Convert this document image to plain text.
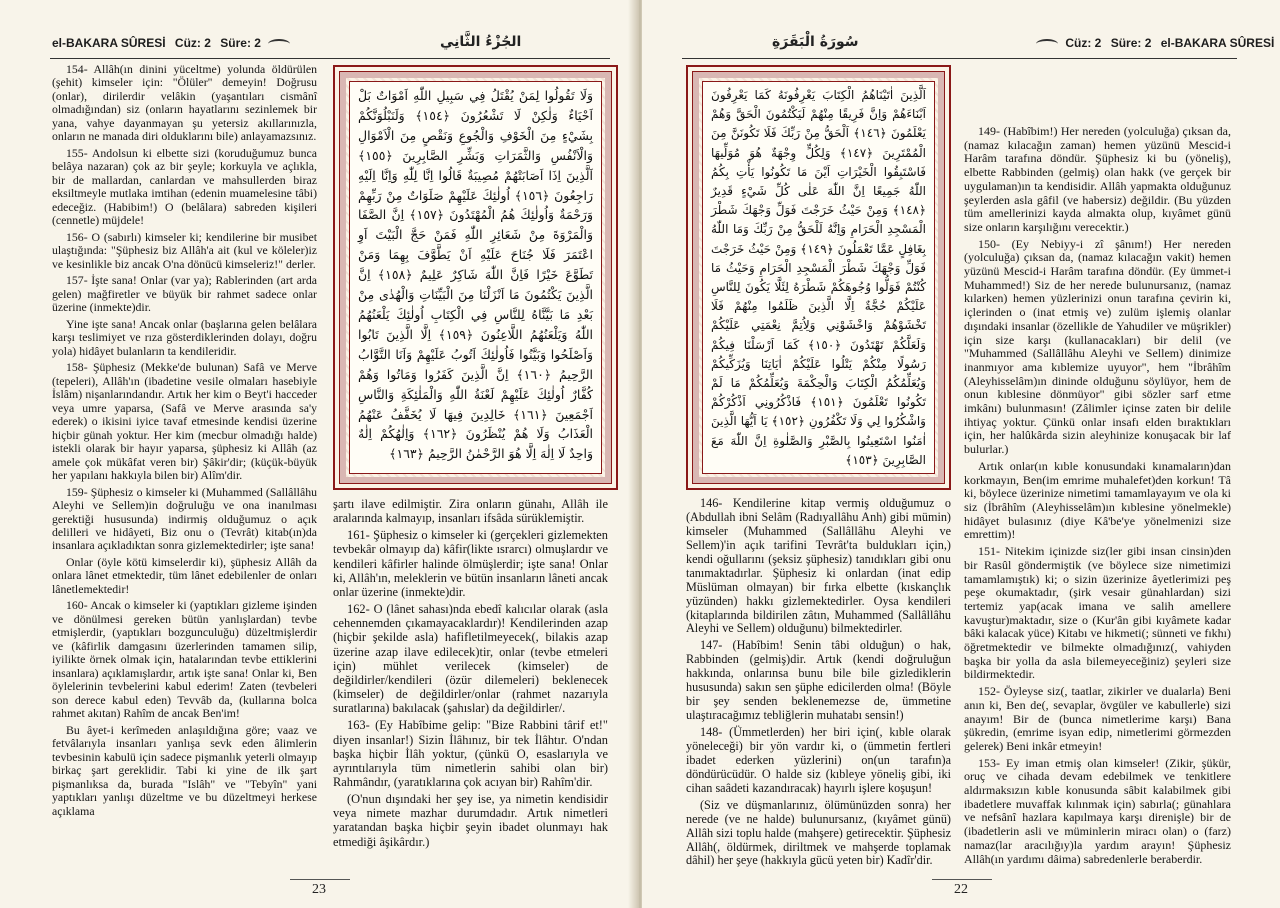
el-BAKARA SÛRESİ Cüz: 2 Süre: 2	الجُزْءُ الثَّانِي

154- Allâh(ın dinini yüceltme) yolunda öldürülen (şehit) kimseler için: "Ölüler" demeyin! Doğrusu (onlar), dirilerdir velâkin (yaşantıları cismânî olmadığından) siz (onların hayatlarını sezinlemek bir yana, vahye dayanmayan şu yetersiz akıllarınızla, onların ne manada diri olduklarını bile) anlayamazsınız.

155- Andolsun ki elbette sizi (koruduğumuz bunca belâya nazaran) çok az bir şeyle; korkuyla ve açlıkla, bir de mallardan, canlardan ve mahsullerden biraz eksiltmeyle mutlaka imtihan (edenin muamelesine tâbi) edeceğiz. (Habibim!) O (belâlara) sabreden kişileri (cennetle) müjdele!

156- O (sabırlı) kimseler ki; kendilerine bir musibet ulaştığında: "Şüphesiz biz Allâh'a ait (kul ve köleler)iz ve kesinlikle biz ancak O'na dönücü kimseleriz!" derler.

157- İşte sana! Onlar (var ya); Rablerinden (art arda gelen) mağfiretler ve büyük bir rahmet sadece onlar üzerine (inmekte)dir.

Yine işte sana! Ancak onlar (başlarına gelen belâlara karşı teslimiyet ve rıza gösterdiklerinden dolayı, doğru yola) hidâyet bulanların ta kendileridir.

158- Şüphesiz (Mekke'de bulunan) Safâ ve Merve (tepeleri), Allâh'ın (ibadetine vesile olmaları hasebiyle İslâm) nişanlarındandır. Artık her kim o Beyt'i hacceder veya umre yaparsa, (Safâ ve Merve arasında sa'y ederek) o ikisini iyice tavaf etmesinde kendisi üzerine hiçbir günah yoktur. Her kim (mecbur olmadığı halde) istekli olarak bir hayır yaparsa, şüphesiz ki Allâh (az amele çok mükâfat veren bir) Şâkir'dir; (küçük-büyük her yapılanı hakkıyla bilen bir) Alîm'dir.

159- Şüphesiz o kimseler ki (Muhammed (Sallâllâhu Aleyhi ve Sellem)in doğruluğu ve ona inanılması gerektiği hususunda) indirmiş olduğumuz o açık delilleri ve hidâyeti, Biz onu o (Tevrât) kitab(ın)da insanlara açıkladıktan sonra gizlemektedirler; işte sana!

Onlar (öyle kötü kimselerdir ki), şüphesiz Allâh da onlara lânet etmektedir, tüm lânet edebilenler de onları lânetlemektedir!

160- Ancak o kimseler ki (yaptıkları gizleme işinden ve dönülmesi gereken bütün yanlışlardan) tevbe etmişlerdir, (yaptıkları bozgunculuğu) düzeltmişlerdir ve (kâfirlik damgasını üzerlerinden tamamen silip, iyilikte örnek olmak için, hatalarından tevbe ettiklerini insanlara) açıklamışlardır, artık işte sana! Onlar ki, Ben öylelerinin tevbelerini kabul ederim! Zaten (tevbeleri son derece kabul eden) Tevvâb da, (kullarına bolca rahmet akıtan) Rahîm de ancak Ben'im!

Bu âyet-i kerîmeden anlaşıldığına göre; vaaz ve fetvâlarıyla insanları yanlışa sevk eden âlimlerin tevbesinin kabulü için sadece pişmanlık yeterli olmayıp birkaç şart gereklidir. Tabi ki yine de ilk şart pişmanlıksa da, burada "Islâh" ve "Tebyîn" yani yaptıkları yanlışı düzeltme ve bu düzeltmeyi herkese açıklama

وَلَا تَقُولُوا لِمَنْ يُقْتَلُ فِي سَبِيلِ اللّٰهِ اَمْوَاتٌ بَلْ اَحْيَاءٌ وَلٰكِنْ لَا تَشْعُرُونَ ﴿١٥٤﴾ وَلَنَبْلُوَنَّكُمْ بِشَيْءٍ مِنَ الْخَوْفِ وَالْجُوعِ وَنَقْصٍ مِنَ الْاَمْوَالِ وَالْاَنْفُسِ وَالثَّمَرَاتِ وَبَشِّرِ الصَّابِرِينَ ﴿١٥٥﴾ اَلَّذِينَ اِذَا اَصَابَتْهُمْ مُصِيبَةٌ قَالُوا اِنَّا لِلّٰهِ وَاِنَّا اِلَيْهِ رَاجِعُونَ ﴿١٥٦﴾ اُولٰئِكَ عَلَيْهِمْ صَلَوَاتٌ مِنْ رَبِّهِمْ وَرَحْمَةٌ وَاُولٰئِكَ هُمُ الْمُهْتَدُونَ ﴿١٥٧﴾ اِنَّ الصَّفَا وَالْمَرْوَةَ مِنْ شَعَائِرِ اللّٰهِ فَمَنْ حَجَّ الْبَيْتَ اَوِ اعْتَمَرَ فَلَا جُنَاحَ عَلَيْهِ اَنْ يَطَّوَّفَ بِهِمَا وَمَنْ تَطَوَّعَ خَيْرًا فَاِنَّ اللّٰهَ شَاكِرٌ عَلِيمٌ ﴿١٥٨﴾ اِنَّ الَّذِينَ يَكْتُمُونَ مَا اَنْزَلْنَا مِنَ الْبَيِّنَاتِ وَالْهُدٰى مِنْ بَعْدِ مَا بَيَّنَّاهُ لِلنَّاسِ فِي الْكِتَابِ اُولٰئِكَ يَلْعَنُهُمُ اللّٰهُ وَيَلْعَنُهُمُ اللَّاعِنُونَ ﴿١٥٩﴾ اِلَّا الَّذِينَ تَابُوا وَاَصْلَحُوا وَبَيَّنُوا فَاُولٰئِكَ اَتُوبُ عَلَيْهِمْ وَاَنَا التَّوَّابُ الرَّحِيمُ ﴿١٦٠﴾ اِنَّ الَّذِينَ كَفَرُوا وَمَاتُوا وَهُمْ كُفَّارٌ اُولٰئِكَ عَلَيْهِمْ لَعْنَةُ اللّٰهِ وَالْمَلٰئِكَةِ وَالنَّاسِ اَجْمَعِينَ ﴿١٦١﴾ خَالِدِينَ فِيهَا لَا يُخَفَّفُ عَنْهُمُ الْعَذَابُ وَلَا هُمْ يُنْظَرُونَ ﴿١٦٢﴾ وَاِلٰهُكُمْ اِلٰهٌ وَاحِدٌ لَا اِلٰهَ اِلَّا هُوَ الرَّحْمٰنُ الرَّحِيمُ ﴿١٦٣﴾

şartı ilave edilmiştir. Zira onların günahı, Allâh ile aralarında kalmayıp, insanları ifsâda sürüklemiştir.

161- Şüphesiz o kimseler ki (gerçekleri gizlemekten tevbekâr olmayıp da) kâfir(likte ısrarcı) olmuşlardır ve kendileri kâfirler halinde ölmüşlerdir; işte sana! Onlar ki, Allâh'ın, meleklerin ve bütün insanların lâneti ancak onlar üzerine (inmekte)dir.

162- O (lânet sahası)nda ebedî kalıcılar olarak (asla cehennemden çıkamayacaklardır)! Kendilerinden azap (hiçbir şekilde asla) hafifletilmeyecek(, bilakis azap üzerine azap ilave edilecek)tir, onlar (tevbe etmeleri için) mühlet verilecek (kimseler) de değildirler/kendileri (özür dilemeleri) beklenecek (kimseler) de değildirler/onlar (rahmet nazarıyla suratlarına) bakılacak (şahıslar) da değildirler/.

163- (Ey Habîbime gelip: "Bize Rabbini târif et!" diyen insanlar!) Sizin İlâhınız, bir tek İlâhtır. O'ndan başka hiçbir İlâh yoktur, (çünkü O, esaslarıyla ve ayrıntılarıyla tüm nimetlerin sahibi olan bir) Rahmândır, (yaratıklarına çok acıyan bir) Rahîm'dir.

(O'nun dışındaki her şey ise, ya nimetin kendisidir veya nimete mazhar durumdadır. Artık nimetleri yaratandan başka hiçbir şeyin ibadet olunmayı hak etmediği âşikârdır.)

23
سُورَةُ الْبَقَرَةِ	Cüz: 2 Süre: 2 el-BAKARA SÛRESİ
اَلَّذِينَ اٰتَيْنَاهُمُ الْكِتَابَ يَعْرِفُونَهُ كَمَا يَعْرِفُونَ اَبْنَاءَهُمْ وَاِنَّ فَرِيقًا مِنْهُمْ لَيَكْتُمُونَ الْحَقَّ وَهُمْ يَعْلَمُونَ ﴿١٤٦﴾ اَلْحَقُّ مِنْ رَبِّكَ فَلَا تَكُونَنَّ مِنَ الْمُمْتَرِينَ ﴿١٤٧﴾ وَلِكُلٍّ وِجْهَةٌ هُوَ مُوَلِّيهَا فَاسْتَبِقُوا الْخَيْرَاتِ اَيْنَ مَا تَكُونُوا يَأْتِ بِكُمُ اللّٰهُ جَمِيعًا اِنَّ اللّٰهَ عَلٰى كُلِّ شَيْءٍ قَدِيرٌ ﴿١٤٨﴾ وَمِنْ حَيْثُ خَرَجْتَ فَوَلِّ وَجْهَكَ شَطْرَ الْمَسْجِدِ الْحَرَامِ وَاِنَّهُ لَلْحَقُّ مِنْ رَبِّكَ وَمَا اللّٰهُ بِغَافِلٍ عَمَّا تَعْمَلُونَ ﴿١٤٩﴾ وَمِنْ حَيْثُ خَرَجْتَ فَوَلِّ وَجْهَكَ شَطْرَ الْمَسْجِدِ الْحَرَامِ وَحَيْثُ مَا كُنْتُمْ فَوَلُّوا وُجُوهَكُمْ شَطْرَهُ لِئَلَّا يَكُونَ لِلنَّاسِ عَلَيْكُمْ حُجَّةٌ اِلَّا الَّذِينَ ظَلَمُوا مِنْهُمْ فَلَا تَخْشَوْهُمْ وَاخْشَوْنِي وَلِاُتِمَّ نِعْمَتِي عَلَيْكُمْ وَلَعَلَّكُمْ تَهْتَدُونَ ﴿١٥٠﴾ كَمَا اَرْسَلْنَا فِيكُمْ رَسُولًا مِنْكُمْ يَتْلُوا عَلَيْكُمْ اٰيَاتِنَا وَيُزَكِّيكُمْ وَيُعَلِّمُكُمُ الْكِتَابَ وَالْحِكْمَةَ وَيُعَلِّمُكُمْ مَا لَمْ تَكُونُوا تَعْلَمُونَ ﴿١٥١﴾ فَاذْكُرُونِي اَذْكُرْكُمْ وَاشْكُرُوا لِي وَلَا تَكْفُرُونِ ﴿١٥٢﴾ يَا اَيُّهَا الَّذِينَ اٰمَنُوا اسْتَعِينُوا بِالصَّبْرِ وَالصَّلٰوةِ اِنَّ اللّٰهَ مَعَ الصَّابِرِينَ ﴿١٥٣﴾

146- Kendilerine kitap vermiş olduğumuz o (Abdullah ibni Selâm (Radıyallâhu Anh) gibi mümin) kimseler (Muhammed (Sallâllâhu Aleyhi ve Sellem)'in açık tarifini Tevrât'ta buldukları için,) kendi oğullarını (şeksiz şüphesiz) tanıdıkları gibi onu tanımaktadırlar. Şüphesiz ki onlardan (inat edip Müslüman olmayan) bir fırka elbette (kıskançlık yüzünden) hakkı gizlemektedirler. Oysa kendileri (kitaplarında bildirilen zâtın, Muhammed (Sallâllâhu Aleyhi ve Sellem) olduğunu) bilmektedirler.

147- (Habîbim! Senin tâbi olduğun) o hak, Rabbinden (gelmiş)dir. Artık (kendi doğruluğun hakkında, onlarınsa bunu bile bile gizlediklerin hususunda) sakın sen şüphe edicilerden olma! (Böyle bir şey senden beklenemezse de, ümmetine ulaştıracağımız tebliğlerin muhatabı sensin!)

148- (Ümmetlerden) her biri için(, kıble olarak yöneleceği) bir yön vardır ki, o (ümmetin fertleri ibadet ederken yüzlerini) on(un tarafın)a döndürücüdür. O halde siz (kıbleye yöneliş gibi, iki cihan saâdeti kazandıracak) hayırlı işlere koşuşun!

(Siz ve düşmanlarınız, ölümünüzden sonra) her nerede (ve ne halde) bulunursanız, (kıyâmet günü) Allâh sizi toplu halde (mahşere) getirecektir. Şüphesiz Allâh(, öldürmek, diriltmek ve mahşerde toplamak dâhil) her şeye (hakkıyla gücü yeten bir) Kadîr'dir.

149- (Habîbim!) Her nereden (yolculuğa) çıksan da, (namaz kılacağın zaman) hemen yüzünü Mescid-i Harâm tarafına döndür. Şüphesiz ki bu (yöneliş), elbette Rabbinden (gelmiş) olan hakk (ve gerçek bir uygulaman)ın ta kendisidir. Allâh yapmakta olduğunuz şeylerden asla gâfil (ve habersiz) değildir. (Bu yüzden tüm amellerinizi kayda almakta olup, kıyâmet günü size onların karşılığını verecektir.)

150- (Ey Nebiyy-i zî şânım!) Her nereden (yolculuğa) çıksan da, (namaz kılacağın vakit) hemen yüzünü Mescid-i Harâm tarafına döndür. (Ey ümmet-i Muhammed!) Siz de her nerede bulunursanız, (namaz kılarken) hemen yüzlerinizi onun tarafına çevirin ki, içlerinden o (inat etmiş ve) zulüm işlemiş olanlar dışındaki insanlar (özellikle de Yahudiler ve müşrikler) için size karşı (kullanacakları) bir delil (ve "Muhammed (Sallâllâhu Aleyhi ve Sellem) dinimize inanmıyor ama kıblemize uyuyor", hem "İbrâhîm (Aleyhisselâm)ın dininde olduğunu söylüyor, hem de onun kıblesine dönmüyor" gibi sözler sarf etme imkânı) bulunmasın! (Zâlimler içinse zaten bir delile ihtiyaç yoktur. Çünkü onlar insafı elden bıraktıkları için, her halûkârda sizin aleyhinize konuşacak bir laf bulurlar.)

Artık onlar(ın kıble konusundaki kınamaların)dan korkmayın, Ben(im emrime muhalefet)den korkun! Tâ ki, böylece üzerinize nimetimi tamamlayayım ve ola ki siz (İbrâhîm (Aleyhisselâm)ın kıblesine yönelmekle) hidâyet bulasınız (diye Kâ'be'ye yönelmenizi size emrettim)!

151- Nitekim içinizde siz(ler gibi insan cinsin)den bir Rasûl göndermiştik (ve böylece size nimetimizi tamamlamıştık) ki; o sizin üzerinize âyetlerimizi peş peşe okumaktadır, (şirk vesair günahlardan) sizi tertemiz yap(acak imana ve salih amellere kavuştur)maktadır, size o (Kur'ân gibi kıyâmete kadar bâki kalacak yüce) Kitabı ve hikmeti(; sünneti ve fıkhı) öğretmektedir ve bilmekte olmadığınız(, vahiyden başka bir yolla da asla bilemeyeceğiniz) şeyleri size bildirmektedir.

152- Öyleyse siz(, taatlar, zikirler ve dualarla) Beni anın ki, Ben de(, sevaplar, övgüler ve kabullerle) sizi anayım! Bir de (bunca nimetlerime karşı) Bana şükredin, (emrime isyan edip, nimetlerimi görmezden gelerek) Beni inkâr etmeyin!

153- Ey iman etmiş olan kimseler! (Zikir, şükür, oruç ve cihada devam edebilmek ve tenkitlere aldırmaksızın kıble konusunda sâbit kalabilmek gibi ibadetlere muvaffak kılınmak için) sabırla(; günahlara ve nefsânî hazlara kapılmaya karşı direnişle) bir de (ibadetlerin asli ve müminlerin miracı olan) o (farz) namaz(lar aracılığıy)la yardım arayın! Şüphesiz Allâh(ın yardımı dâima) sabredenlerle beraberdir.

22
